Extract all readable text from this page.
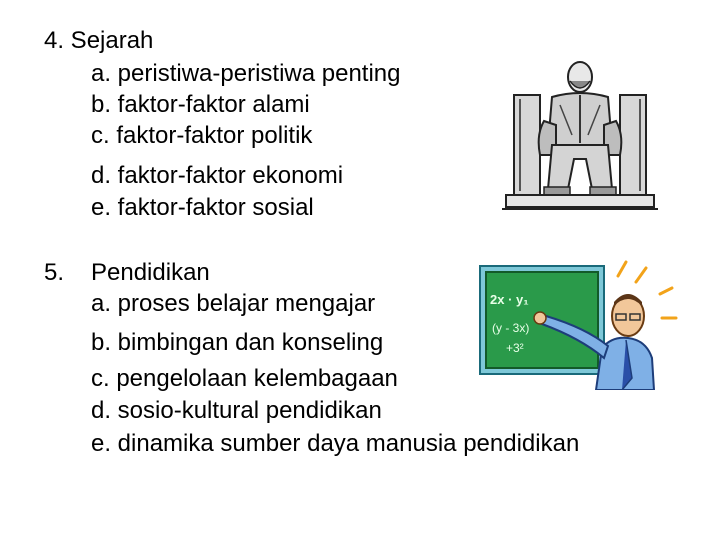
4. Sejarah
a. peristiwa-peristiwa penting
b. faktor-faktor alami
c. faktor-faktor politik
d. faktor-faktor ekonomi
e. faktor-faktor sosial
5. Pendidikan
a. proses belajar mengajar
b. bimbingan dan konseling
c. pengelolaan kelembagaan
d. sosio-kultural pendidikan
e. dinamika sumber daya manusia pendidikan
2x · y₁
(y - 3x)
+3²
